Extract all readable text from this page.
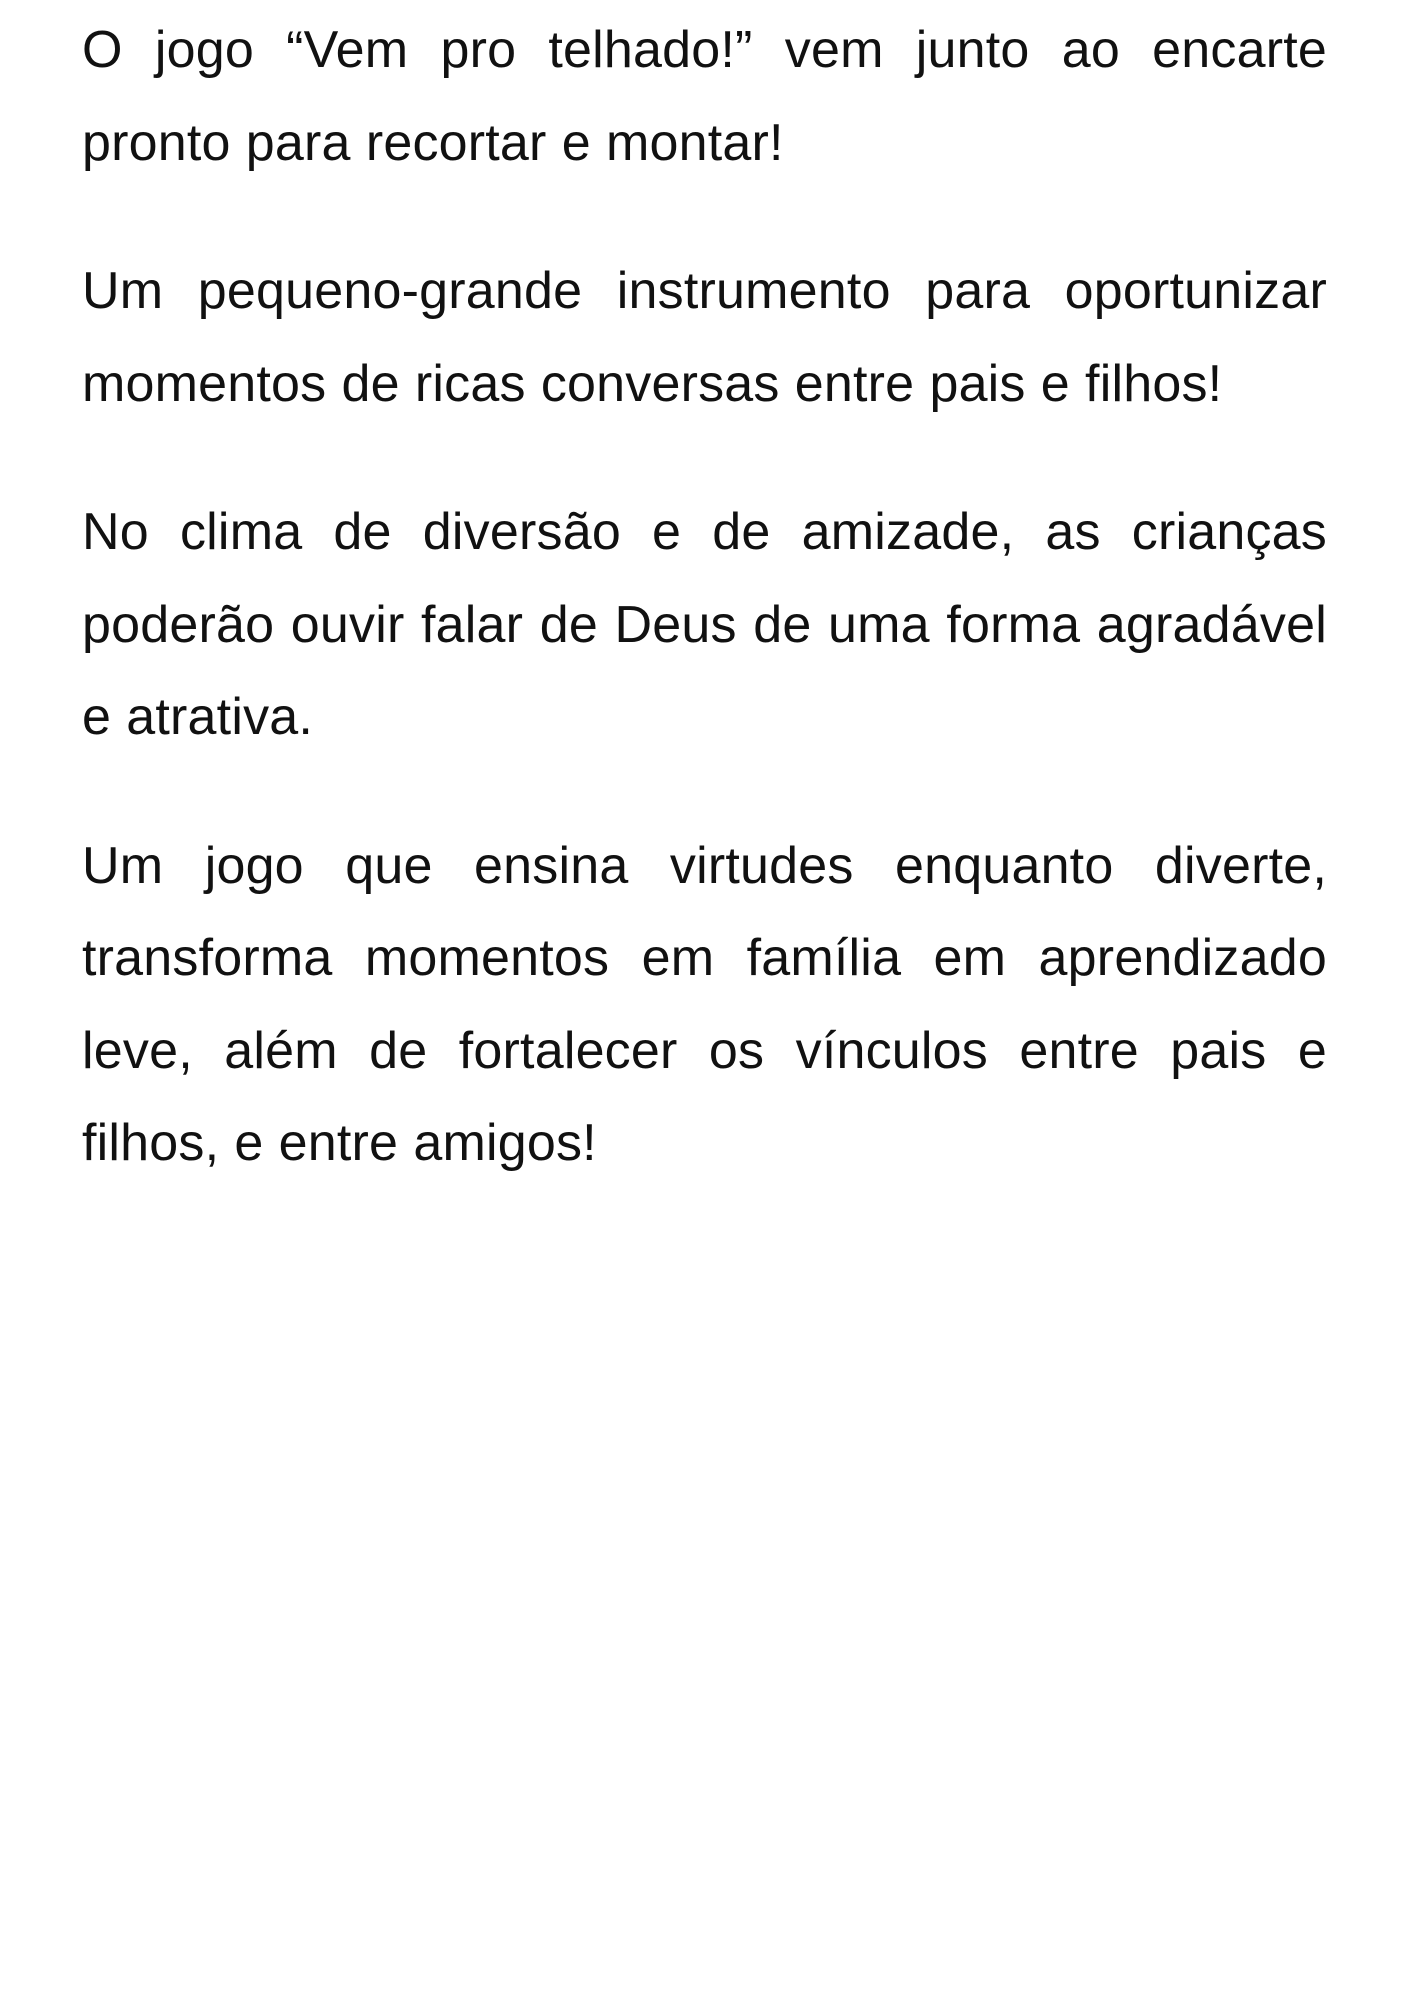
O jogo “Vem pro telhado!” vem junto ao encarte pronto para recortar e montar!

Um pequeno-grande instrumento para oportunizar momentos de ricas conversas entre pais e filhos!

No clima de diversão e de amizade, as crianças poderão ouvir falar de Deus de uma forma agradável e atrativa.

Um jogo que ensina virtudes enquanto diverte, transforma momentos em família em aprendizado leve, além de fortalecer os vínculos entre pais e filhos, e entre amigos!
